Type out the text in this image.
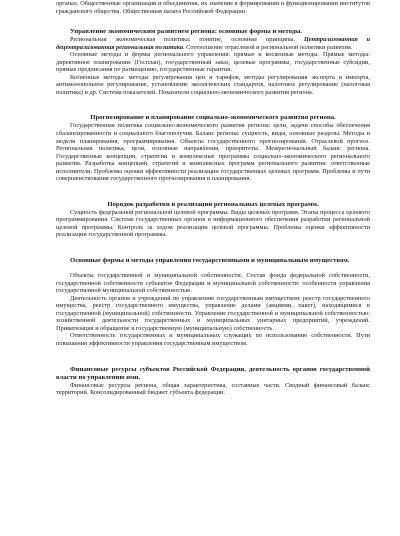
органах. Общественные организации и объединения, их значение в формировании и функционировании институтов гражданского общества. Общественная палата Российской Федерации.

Управление экономическим развитием региона: основные формы и методы.

Региональная экономическая политика: понятие, основные принципы. Централизованная и децентрализованная региональная политика. Соотношение отраслевой и региональной политики развития.

Основные методы и формы регионального управления: прямые и косвенные методы. Прямые методы: директивное планирование (Госплан), государственный заказ, целевые программы, государственные субсидии, прямые предписания по размещению, государственные гарантии.

Косвенные методы: методы регулирования цен и тарифов, методы регулирования экспорта и импорта, антимонопольное регулирование, установление экологических стандартов, налоговое регулирование (налоговая политика) и др. Система показателей. Показатели социально-экономического развития региона.

Прогнозирование и планирование социально-экономического развития региона.

Государственная политика социально-экономического развития региона: цели, задачи способы обеспечения сбалансированности и социального благополучия. Баланс региона: сущность, виды, основные разделы. Методы и модели планирования, программирования. Объекты государственного прогнозирования. Отраслевой прогноз. Региональная политика, цели, основные направления, приоритеты. Межрегиональный баланс региона. Государственные концепции, стратегии и комплексные программы социально-экономического регионального развития. Разработка концепций, стратегий и комплексных программ регионального развития: ответственные исполнители. Проблемы оценки эффективности реализации государственных целевых программ. Проблемы и пути совершенствования государственного прогнозирования и планирования.

Порядок разработки и реализации региональных целевых программ.

Сущность федеральной региональной целевой программы. Виды целевых программ. Этапы процесса целевого программирования. Система государственных органов и информационного обеспечения разработки региональной целевой программы. Контроль за ходом реализации целевой программы. Проблемы оценки эффективности реализации государственной программы.

Основные формы и методы управления государственными и муниципальным имуществом.

Объекты государственной и муниципальной собственности. Состав фонда федеральной собственности, государственной собственности субъектов Федерации и муниципальной собственности: особенности управления государственной муниципальной собственностью.

Деятельность органов и учреждений по управлению государственным имуществом: реестр государственного имущества, реестр государственного имущества, управление делами (акциями, пакет), находящимися в государственной (муниципальной) собственности. Управление государственной и муниципальной собственностью: хозяйственной деятельности государственных и муниципальных унитарных предприятий, учреждений. Приватизация и обращение в государственную (муниципальную) собственность.

Ответственность государственных и муниципальных служащих по использованию собственности. Пути повышения эффективности управления государственным имуществом.

Финансовые ресурсы субъектов Российской Федерации, деятельность органов государственной власти по управлению ими.

Финансовые ресурсы региона, общая характеристика, составные части. Сводный финансовый баланс территорий. Консолидированный бюджет субъекта федерации.
